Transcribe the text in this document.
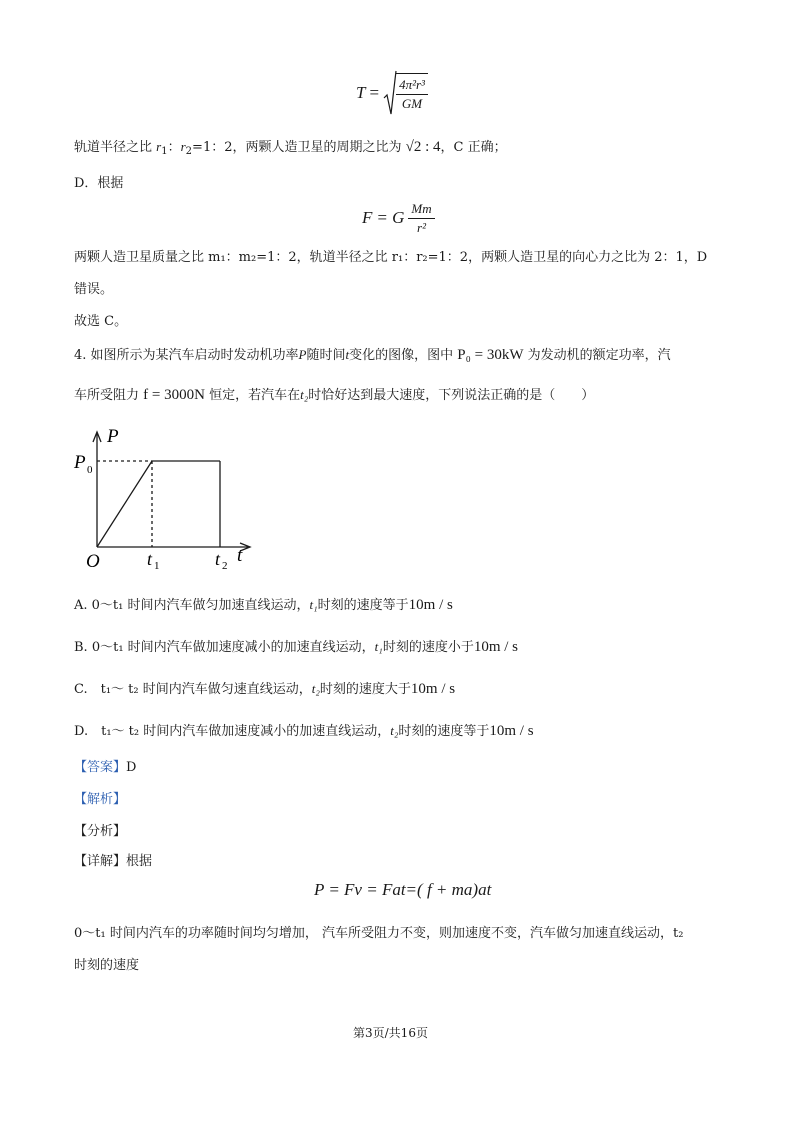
$T = \frac{\text{4π²r³}}{GM}$
轨道半径之比 $r_1$：$r_2=1$：2，两颗人造卫星的周期之比为 √2 : 4，C 正确；
D．根据
F = G $\frac{Mm}{\text{r²}}$
两颗人造卫星质量之比 m₁：m₂=1：2，轨道半径之比 r₁：r₂=1：2，两颗人造卫星的向心力之比为 2：1，D
错误。
故选 C。
4. 如图所示为某汽车启动时发动机功率P随时间t变化的图像，图中 P₀ = 30kW 为发动机的额定功率，汽
车所受阻力 f = 3000N 恒定，若汽车在t₂时恰好达到最大速度，下列说法正确的是（　　）
P
P 0
O	t 1	t 2 t
A. 0～t₁ 时间内汽车做匀加速直线运动，t₁时刻的速度等于10m / s
B. 0～t₁ 时间内汽车做加速度减小的加速直线运动，t₁时刻的速度小于10m / s
C.　t₁～ t₂ 时间内汽车做匀速直线运动，t₂时刻的速度大于10m / s
D.　t₁～ t₂ 时间内汽车做加速度减小的加速直线运动，t₂时刻的速度等于10m / s
【答案】D
【解析】
【分析】
【详解】根据
P = Fv = Fat=( f + ma)at
0～t₁ 时间内汽车的功率随时间均匀增加， 汽车所受阻力不变，则加速度不变，汽车做匀加速直线运动，t₂
时刻的速度
第3页/共16页
